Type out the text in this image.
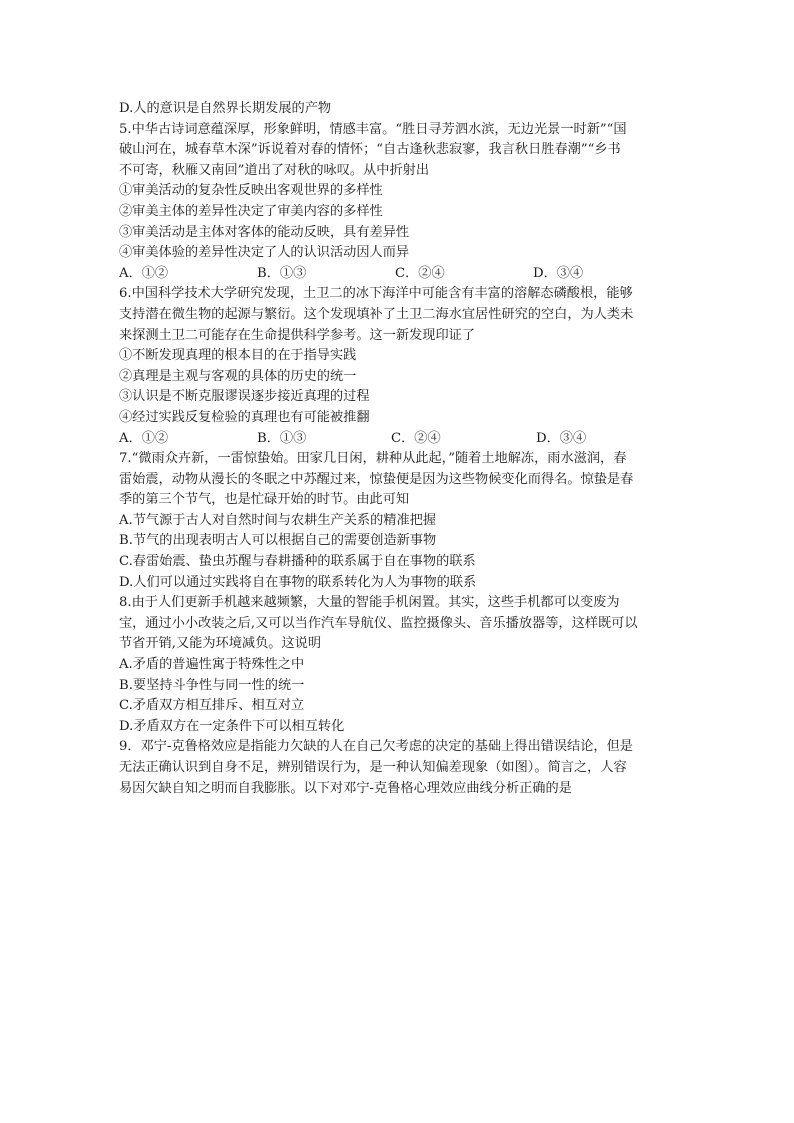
D.人的意识是自然界长期发展的产物
5.中华古诗词意蕴深厚，形象鲜明，情感丰富。“胜日寻芳泗水滨，无边光景一时新”“国
破山河在，城春草木深”诉说着对春的情怀；“自古逢秋悲寂寥，我言秋日胜春潮”“乡书
不可寄，秋雁又南回”道出了对秋的咏叹。从中折射出
①审美活动的复杂性反映出客观世界的多样性
②审美主体的差异性决定了审美内容的多样性
③审美活动是主体对客体的能动反映，具有差异性
④审美体验的差异性决定了人的认识活动因人而异
A．①②	B．①③	C．②④	D．③④
6.中国科学技术大学研究发现，土卫二的冰下海洋中可能含有丰富的溶解态磷酸根，能够
支持潜在微生物的起源与繁衍。这个发现填补了土卫二海水宜居性研究的空白，为人类未
来探测土卫二可能存在生命提供科学参考。这一新发现印证了
①不断发现真理的根本目的在于指导实践
②真理是主观与客观的具体的历史的统一
③认识是不断克服谬误逐步接近真理的过程
④经过实践反复检验的真理也有可能被推翻
A．①②	B．①③	C．②④	D．③④
7.“微雨众卉新，一雷惊蛰始。田家几日闲，耕种从此起，”随着土地解冻，雨水滋润，春
雷始震，动物从漫长的冬眠之中苏醒过来，惊蛰便是因为这些物候变化而得名。惊蛰是春
季的第三个节气，也是忙碌开始的时节。由此可知
A.节气源于古人对自然时间与农耕生产关系的精准把握
B.节气的出现表明古人可以根据自己的需要创造新事物
C.春雷始震、蛰虫苏醒与春耕播种的联系属于自在事物的联系
D.人们可以通过实践将自在事物的联系转化为人为事物的联系
8.由于人们更新手机越来越频繁，大量的智能手机闲置。其实，这些手机都可以变废为
宝，通过小小改装之后,又可以当作汽车导航仪、监控摄像头、音乐播放器等，这样既可以
节省开销,又能为环境减负。这说明
A.矛盾的普遍性寓于特殊性之中
B.要坚持斗争性与同一性的统一
C.矛盾双方相互排斥、相互对立
D.矛盾双方在一定条件下可以相互转化
9．邓宁-克鲁格效应是指能力欠缺的人在自己欠考虑的决定的基础上得出错误结论，但是
无法正确认识到自身不足，辨别错误行为，是一种认知偏差现象（如图）。简言之，人容
易因欠缺自知之明而自我膨胀。以下对邓宁-克鲁格心理效应曲线分析正确的是
